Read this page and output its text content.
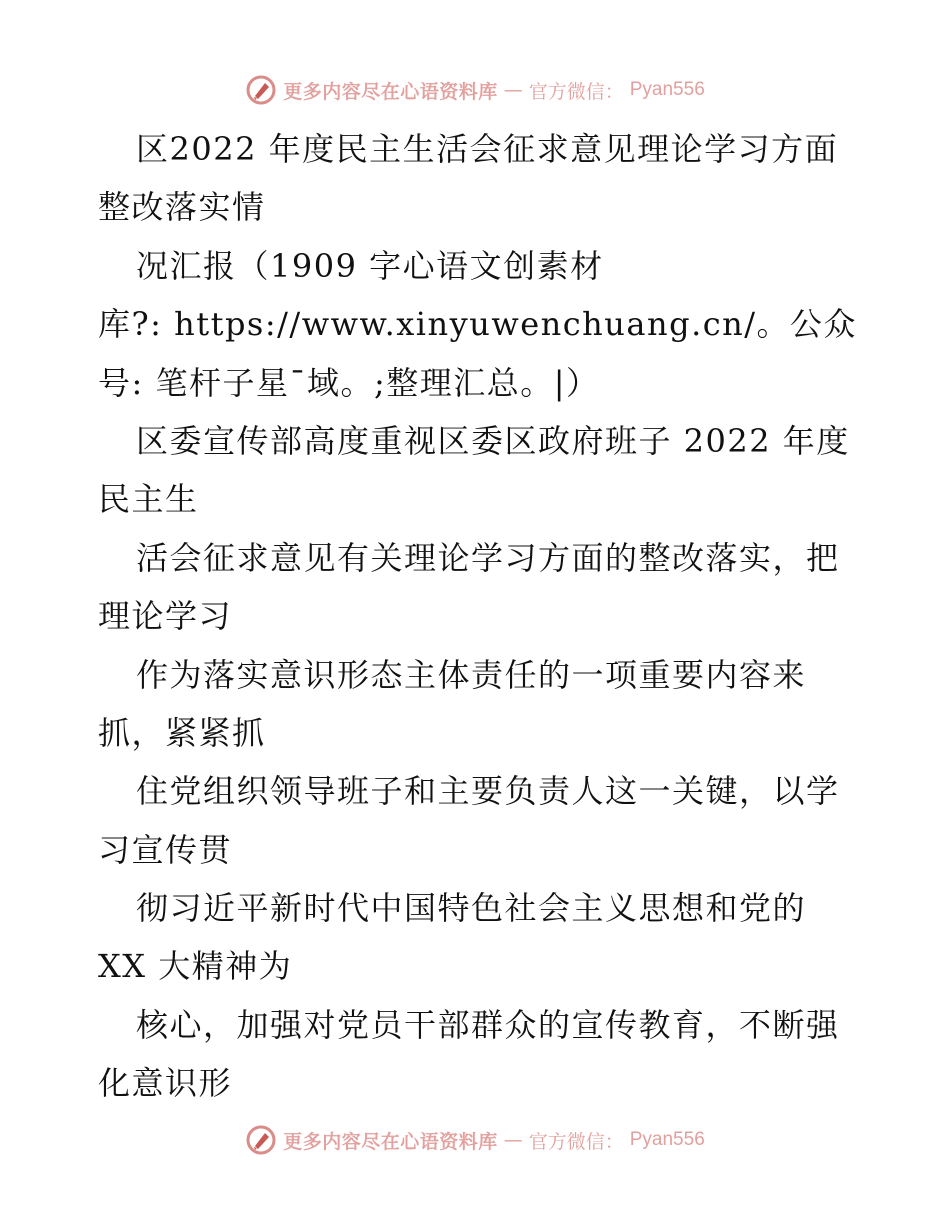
更多内容尽在心语资料库 — 官方微信： Pyan556
区2022 年度民主生活会征求意见理论学习方面
整改落实情
况汇报（1909 字心语文创素材
库?: https://www.xinyuwenchuang.cn/。公众
号: 笔杆子星¯域。;整理汇总。|）
区委宣传部高度重视区委区政府班子 2022 年度
民主生
活会征求意见有关理论学习方面的整改落实，把
理论学习
作为落实意识形态主体责任的一项重要内容来
抓，紧紧抓
住党组织领导班子和主要负责人这一关键，以学
习宣传贯
彻习近平新时代中国特色社会主义思想和党的
XX 大精神为
核心，加强对党员干部群众的宣传教育，不断强
化意识形
更多内容尽在心语资料库 — 官方微信： Pyan556
